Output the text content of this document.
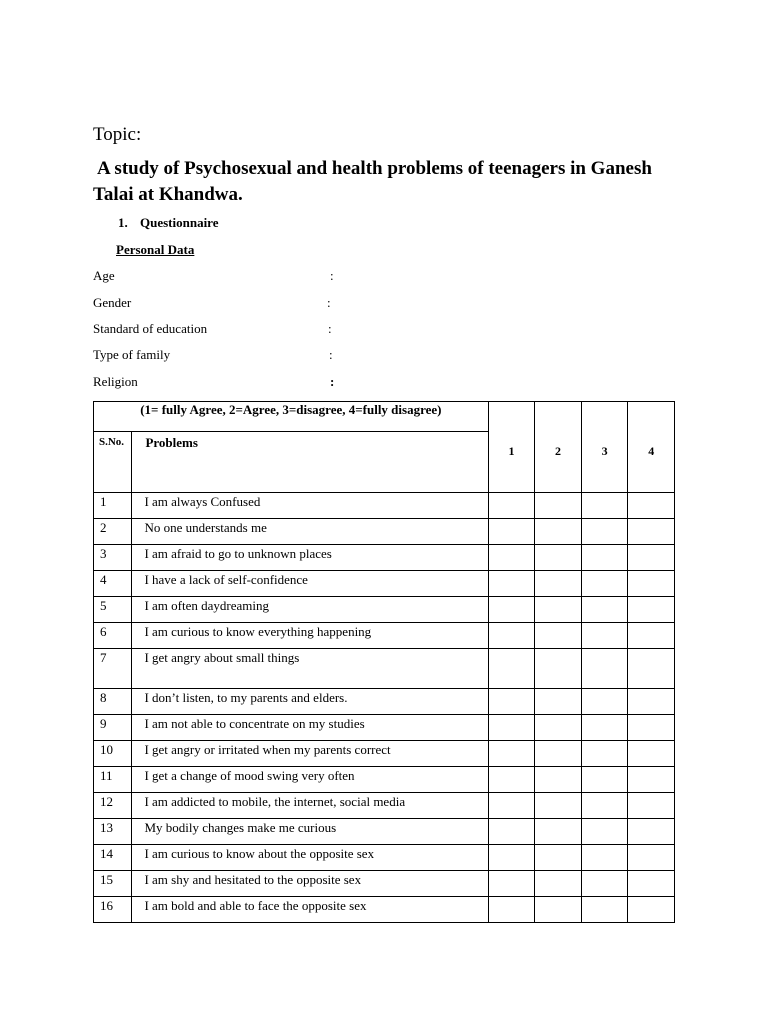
Topic:
A study of Psychosexual and health problems of teenagers in Ganesh Talai at Khandwa.
1. Questionnaire
Personal Data
Age	:
Gender	:
Standard of education	:
Type of family	:
Religion	:
(1= fully Agree, 2=Agree, 3=disagree, 4=fully disagree)		1	2	3	4
S.No.	Problems				
1	I am always Confused				
2	No one understands me				
3	I am afraid to go to unknown places				
4	I have a lack of self-confidence				
5	I am often daydreaming				
6	I am curious to know everything happening				
7	I get angry about small things				
8	I don’t listen, to my parents and elders.				
9	I am not able to concentrate on my studies				
10	I get angry or irritated when my parents correct				
11	I get a change of mood swing very often				
12	I am addicted to mobile, the internet, social media				
13	My bodily changes make me curious				
14	I am curious to know about the opposite sex				
15	I am shy and hesitated to the opposite sex				
16	I am bold and able to face the opposite sex				
